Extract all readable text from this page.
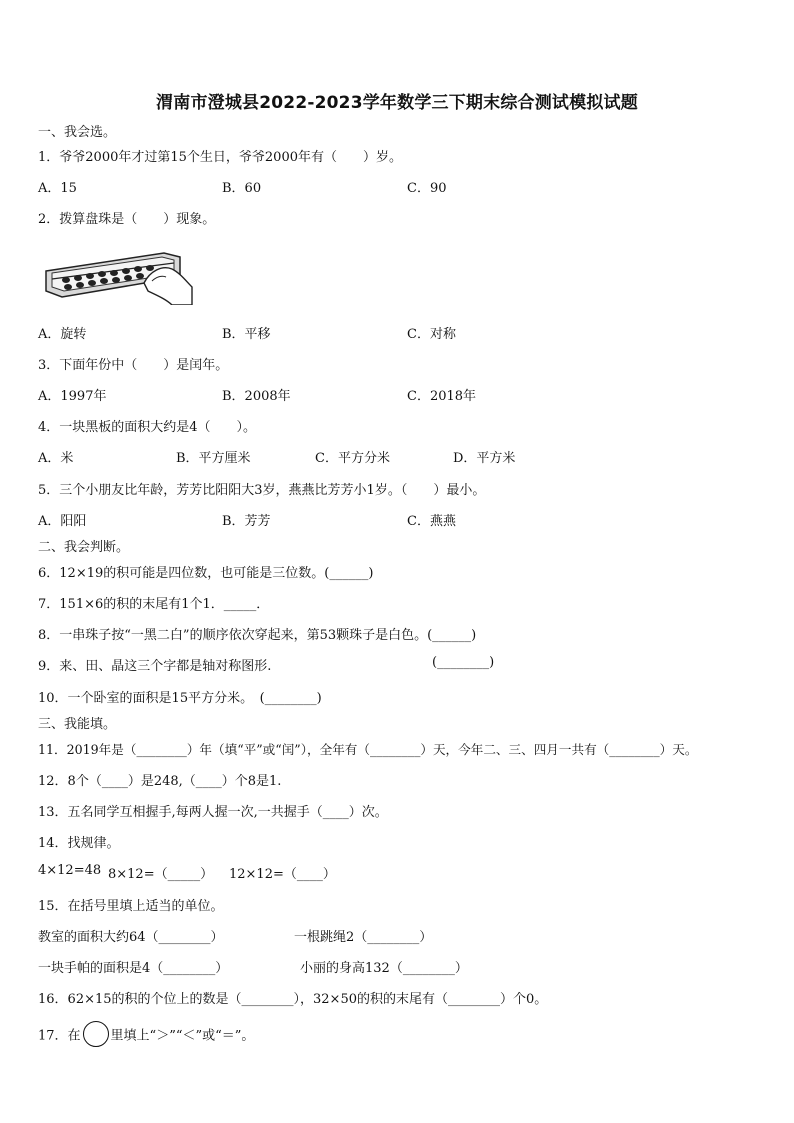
渭南市澄城县2022-2023学年数学三下期末综合测试模拟试题
一、我会选。
1．爷爷2000年才过第15个生日，爷爷2000年有（　　）岁。
A．15	B．60	C．90
2．拨算盘珠是（　　）现象。
A．旋转	B．平移	C．对称
3．下面年份中（　　）是闰年。
A．1997年	B．2008年	C．2018年
4．一块黑板的面积大约是4（　　）。
A．米	B．平方厘米	C．平方分米	D．平方米
5．三个小朋友比年龄，芳芳比阳阳大3岁，燕燕比芳芳小1岁。（　　）最小。
A．阳阳	B．芳芳	C．燕燕
二、我会判断。
6．12×19的积可能是四位数，也可能是三位数。(______)
7．151×6的积的末尾有1个1．_____．
8．一串珠子按“一黑二白”的顺序依次穿起来，第53颗珠子是白色。(______)
9．来、田、晶这三个字都是轴对称图形.	(________)
10．一个卧室的面积是15平方分米。　(________)
三、我能填。
11．2019年是（________）年（填“平”或“闰”），全年有（________）天，今年二、三、四月一共有（________）天。
12．8个（____）是248,（____）个8是1.
13．五名同学互相握手,每两人握一次,一共握手（____）次。
14．找规律。
4×12=48 8×12=（_____） 12×12=（____）
15．在括号里填上适当的单位。
教室的面积大约64（________）	一根跳绳2（________）
一块手帕的面积是4（________）	小丽的身高132（________）
16．62×15的积的个位上的数是（________），32×50的积的末尾有（________）个0。
17．在 里填上“＞”“＜”或“＝”。
